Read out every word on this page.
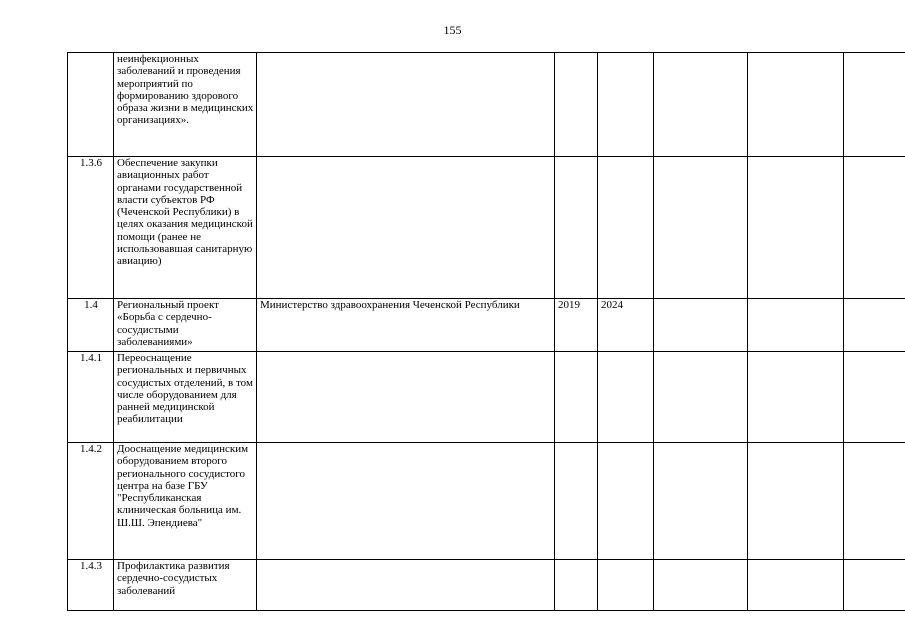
155
	неинфекционных заболеваний и проведения мероприятий по формированию здорового образа жизни в медицинских организациях».						
1.3.6	Обеспечение закупки авиационных работ органами государственной власти субъектов РФ (Чеченской Республики) в целях оказания медицинской помощи (ранее не использовавшая санитарную авиацию)						
1.4	Региональный проект «Борьба с сердечно-сосудистыми заболеваниями»	Министерство здравоохранения Чеченской Республики	2019	2024			
1.4.1	Переоснащение региональных и первичных сосудистых отделений, в том числе оборудованием для ранней медицинской реабилитации						
1.4.2	Дооснащение медицинским оборудованием второго регионального сосудистого центра на базе ГБУ "Республиканская клиническая больница им. Ш.Ш. Эпендиева"						
1.4.3	Профилактика развития сердечно-сосудистых заболеваний						
